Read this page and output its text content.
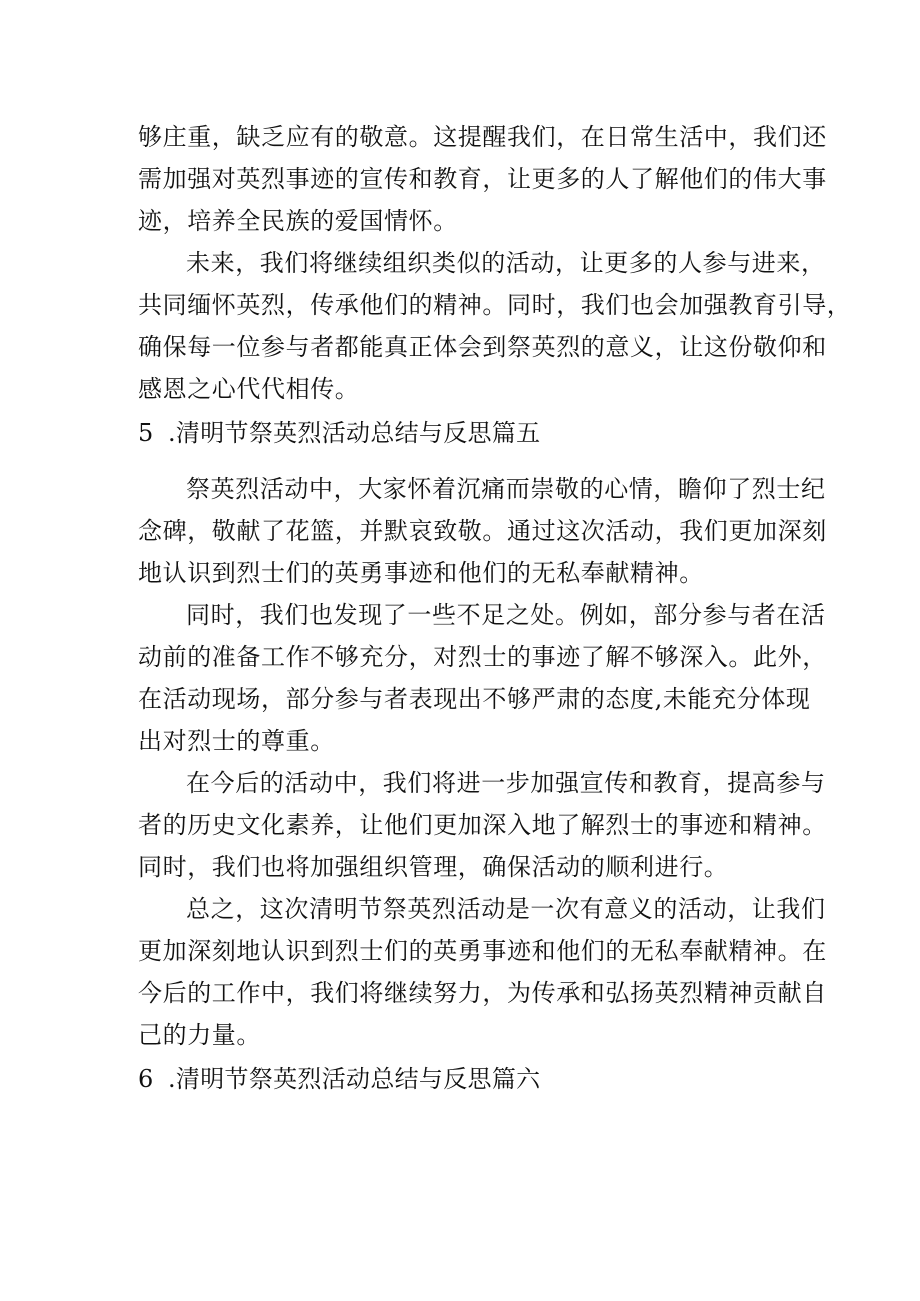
够庄重，缺乏应有的敬意。这提醒我们，在日常生活中，我们还
需加强对英烈事迹的宣传和教育，让更多的人了解他们的伟大事
迹，培养全民族的爱国情怀。
未来，我们将继续组织类似的活动，让更多的人参与进来，
共同缅怀英烈，传承他们的精神。同时，我们也会加强教育引导，
确保每一位参与者都能真正体会到祭英烈的意义，让这份敬仰和
感恩之心代代相传。
5 .清明节祭英烈活动总结与反思篇五
祭英烈活动中，大家怀着沉痛而崇敬的心情，瞻仰了烈士纪
念碑，敬献了花篮，并默哀致敬。通过这次活动，我们更加深刻
地认识到烈士们的英勇事迹和他们的无私奉献精神。
同时，我们也发现了一些不足之处。例如，部分参与者在活
动前的准备工作不够充分，对烈士的事迹了解不够深入。此外，
在活动现场，部分参与者表现出不够严肃的态度,未能充分体现
出对烈士的尊重。
在今后的活动中，我们将进一步加强宣传和教育，提高参与
者的历史文化素养，让他们更加深入地了解烈士的事迹和精神。
同时，我们也将加强组织管理，确保活动的顺利进行。
总之，这次清明节祭英烈活动是一次有意义的活动，让我们
更加深刻地认识到烈士们的英勇事迹和他们的无私奉献精神。在
今后的工作中，我们将继续努力，为传承和弘扬英烈精神贡献自
己的力量。
6 .清明节祭英烈活动总结与反思篇六
